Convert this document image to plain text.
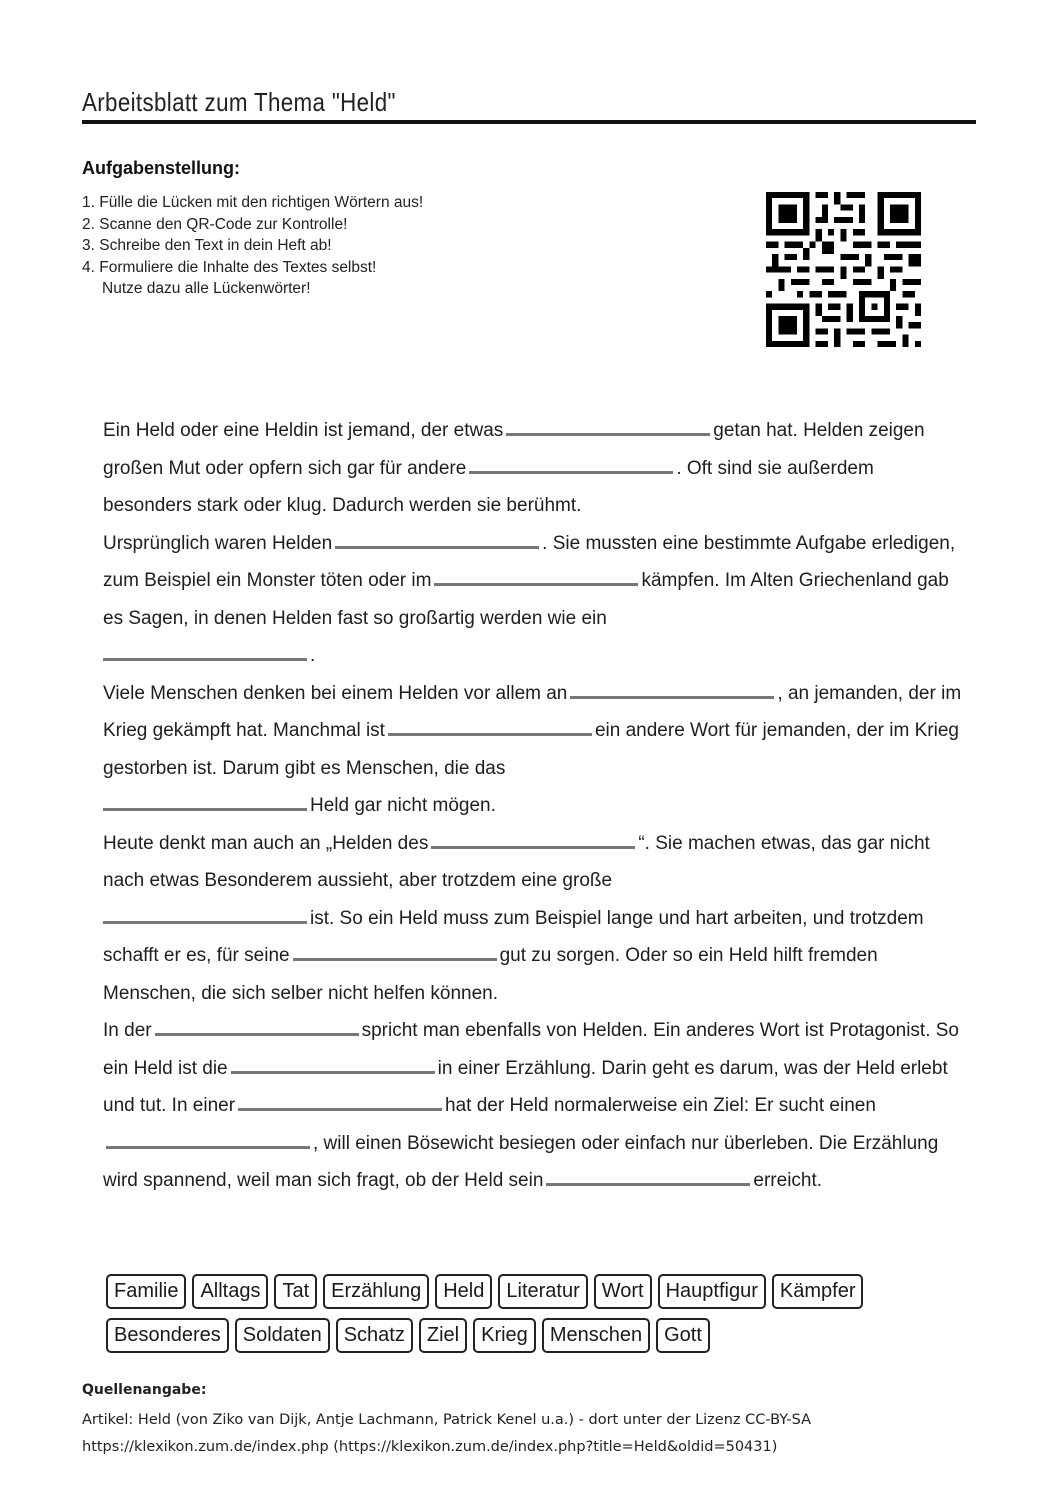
Arbeitsblatt zum Thema "Held"
Aufgabenstellung:
1. Fülle die Lücken mit den richtigen Wörtern aus!
2. Scanne den QR-Code zur Kontrolle!
3. Schreibe den Text in dein Heft ab!
4. Formuliere die Inhalte des Textes selbst!
Nutze dazu alle Lückenwörter!

Ein Held oder eine Heldin ist jemand, der etwas	getan hat. Helden zeigen großen Mut oder opfern sich gar für andere	. Oft sind sie außerdem besonders stark oder klug. Dadurch werden sie berühmt.

Ursprünglich waren Helden	. Sie mussten eine bestimmte Aufgabe erledigen, zum Beispiel ein Monster töten oder im	kämpfen. Im Alten Griechenland gab es Sagen, in denen Helden fast so großartig werden wie ein
.

Viele Menschen denken bei einem Helden vor allem an	, an jemanden, der im Krieg gekämpft hat. Manchmal ist	ein andere Wort für jemanden, der im Krieg gestorben ist. Darum gibt es Menschen, die das
Held gar nicht mögen.

Heute denkt man auch an „Helden des	“. Sie machen etwas, das gar nicht nach etwas Besonderem aussieht, aber trotzdem eine große
ist. So ein Held muss zum Beispiel lange und hart arbeiten, und trotzdem schafft er es, für seine	gut zu sorgen. Oder so ein Held hilft fremden Menschen, die sich selber nicht helfen können.

In der	spricht man ebenfalls von Helden. Ein anderes Wort ist Protagonist. So ein Held ist die	in einer Erzählung. Darin geht es darum, was der Held erlebt und tut. In einer	hat der Held normalerweise ein Ziel: Er sucht einen, will einen Bösewicht besiegen oder einfach nur überleben. Die Erzählung wird spannend, weil man sich fragt, ob der Held sein	erreicht.

Familie	Alltags	Tat	Erzählung	Held	Literatur	Wort	Hauptfigur	Kämpfer
Besonderes	Soldaten	Schatz	Ziel	Krieg	Menschen	Gott
Quellenangabe:
Artikel: Held (von Ziko van Dijk, Antje Lachmann, Patrick Kenel u.a.) - dort unter der Lizenz CC-BY-SA
https://klexikon.zum.de/index.php (https://klexikon.zum.de/index.php?title=Held&oldid=50431)
